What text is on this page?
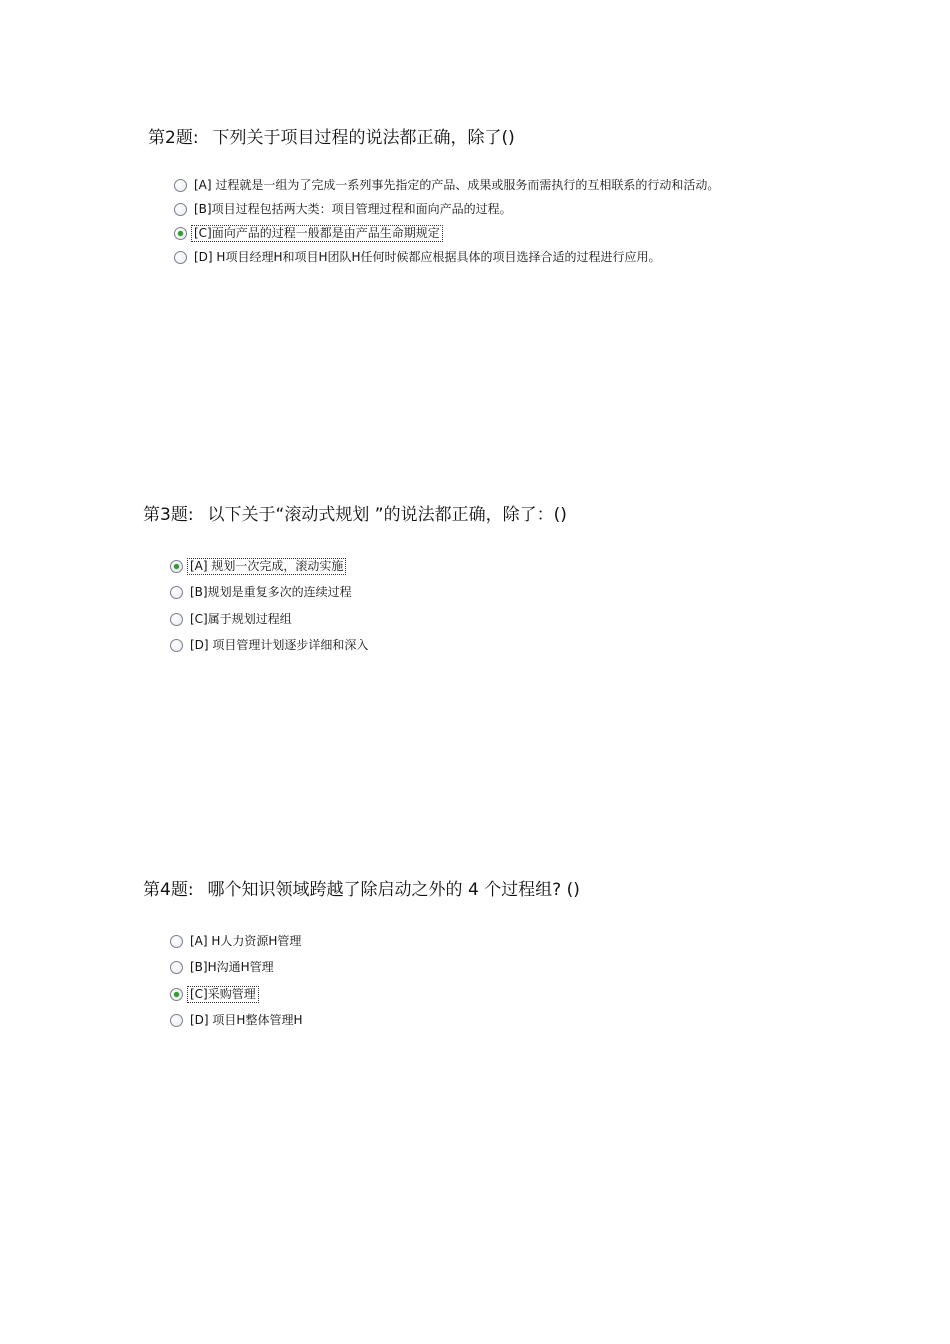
第2题: 下列关于项目过程的说法都正确，除了()
[A] 过程就是一组为了完成一系列事先指定的产品、成果或服务而需执行的互相联系的行动和活动。
[B]项目过程包括两大类：项目管理过程和面向产品的过程。
[C]面向产品的过程一般都是由产品生命期规定
[D] H项目经理H和项目H团队H任何时候都应根据具体的项目选择合适的过程进行应用。
第3题: 以下关于“滚动式规划 ”的说法都正确，除了：()
[A] 规划一次完成，滚动实施
[B]规划是重复多次的连续过程
[C]属于规划过程组
[D] 项目管理计划逐步详细和深入
第4题: 哪个知识领域跨越了除启动之外的 4 个过程组? ()
[A] H人力资源H管理
[B]H沟通H管理
[C]采购管理
[D] 项目H整体管理H
